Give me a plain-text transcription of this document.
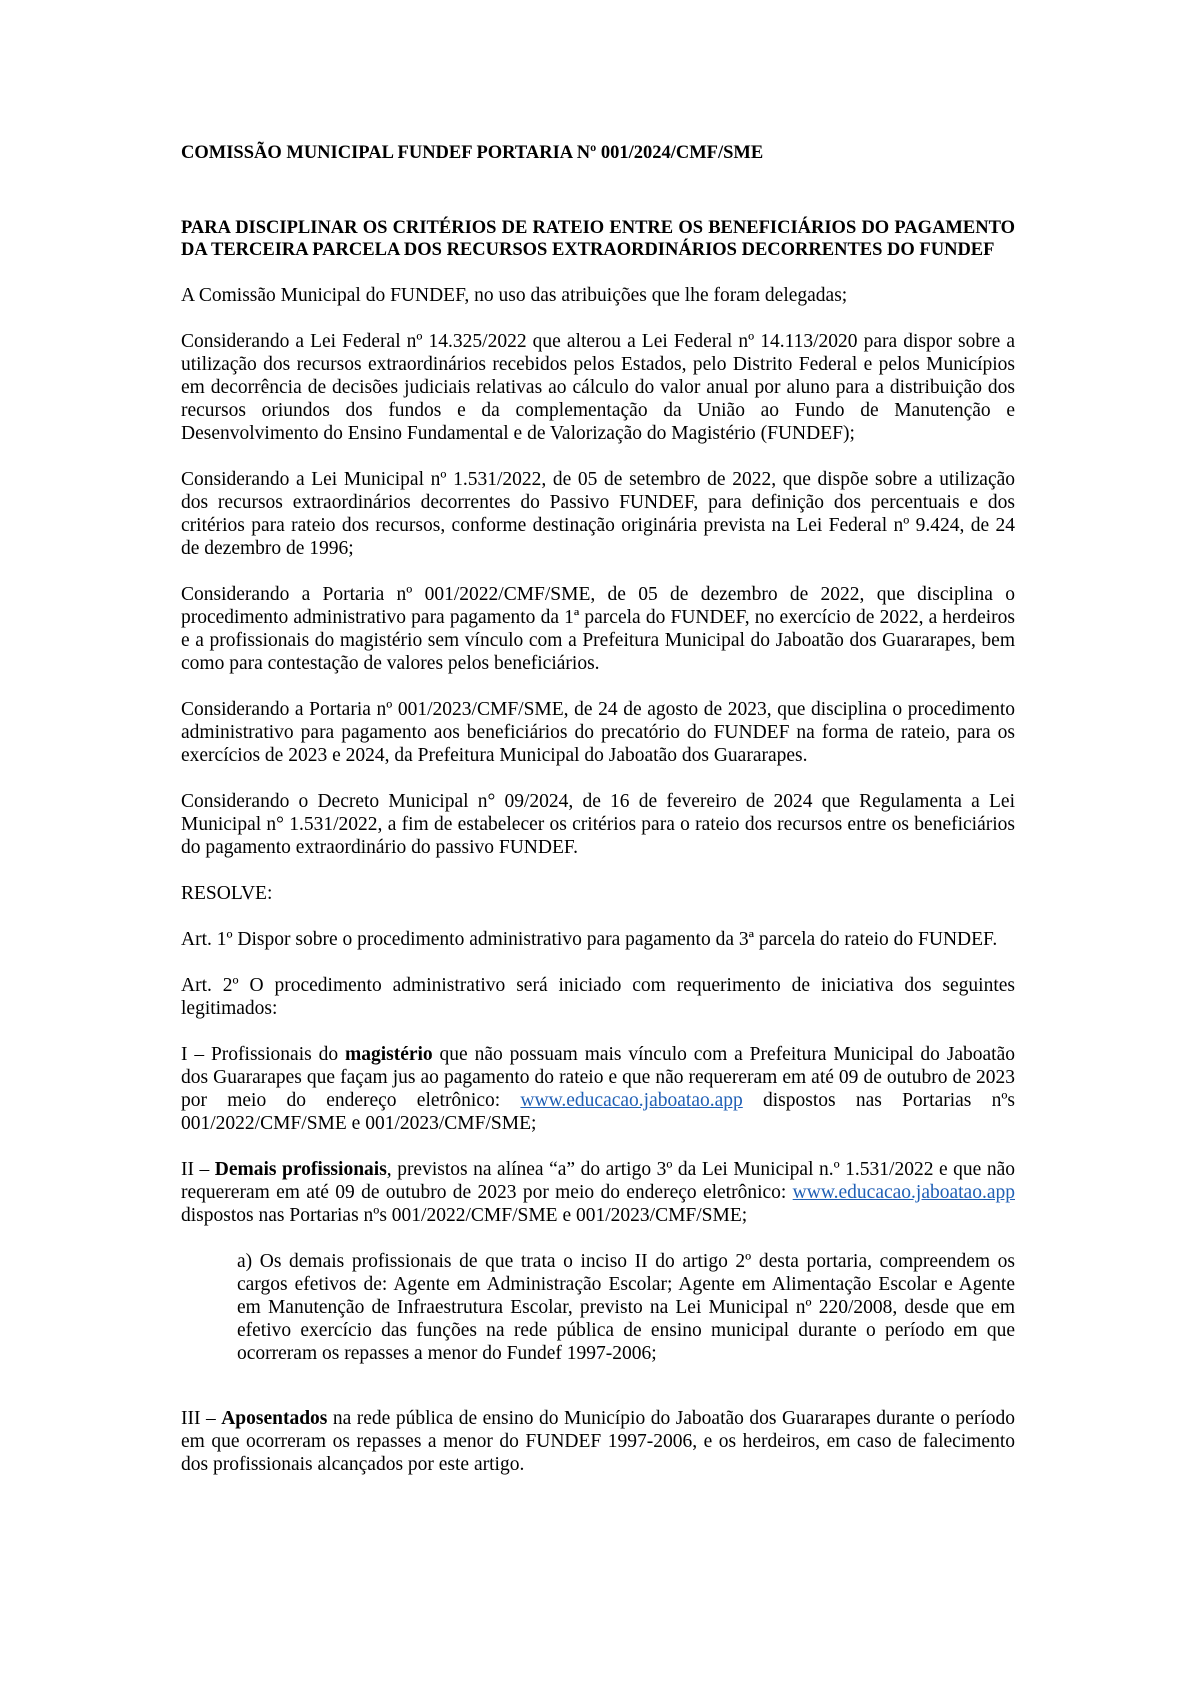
COMISSÃO MUNICIPAL FUNDEF PORTARIA Nº 001/2024/CMF/SME

PARA DISCIPLINAR OS CRITÉRIOS DE RATEIO ENTRE OS BENEFICIÁRIOS DO PAGAMENTO DA TERCEIRA PARCELA DOS RECURSOS EXTRAORDINÁRIOS DECORRENTES DO FUNDEF

A Comissão Municipal do FUNDEF, no uso das atribuições que lhe foram delegadas;

Considerando a Lei Federal nº 14.325/2022 que alterou a Lei Federal nº 14.113/2020 para dispor sobre a utilização dos recursos extraordinários recebidos pelos Estados, pelo Distrito Federal e pelos Municípios em decorrência de decisões judiciais relativas ao cálculo do valor anual por aluno para a distribuição dos recursos oriundos dos fundos e da complementação da União ao Fundo de Manutenção e Desenvolvimento do Ensino Fundamental e de Valorização do Magistério (FUNDEF);

Considerando a Lei Municipal nº 1.531/2022, de 05 de setembro de 2022, que dispõe sobre a utilização dos recursos extraordinários decorrentes do Passivo FUNDEF, para definição dos percentuais e dos critérios para rateio dos recursos, conforme destinação originária prevista na Lei Federal nº 9.424, de 24 de dezembro de 1996;

Considerando a Portaria nº 001/2022/CMF/SME, de 05 de dezembro de 2022, que disciplina o procedimento administrativo para pagamento da 1ª parcela do FUNDEF, no exercício de 2022, a herdeiros e a profissionais do magistério sem vínculo com a Prefeitura Municipal do Jaboatão dos Guararapes, bem como para contestação de valores pelos beneficiários.

Considerando a Portaria nº 001/2023/CMF/SME, de 24 de agosto de 2023, que disciplina o procedimento administrativo para pagamento aos beneficiários do precatório do FUNDEF na forma de rateio, para os exercícios de 2023 e 2024, da Prefeitura Municipal do Jaboatão dos Guararapes.

Considerando o Decreto Municipal n° 09/2024, de 16 de fevereiro de 2024 que Regulamenta a Lei Municipal n° 1.531/2022, a fim de estabelecer os critérios para o rateio dos recursos entre os beneficiários do pagamento extraordinário do passivo FUNDEF.

RESOLVE:

Art. 1º Dispor sobre o procedimento administrativo para pagamento da 3ª parcela do rateio do FUNDEF.

Art. 2º O procedimento administrativo será iniciado com requerimento de iniciativa dos seguintes legitimados:

I – Profissionais do magistério que não possuam mais vínculo com a Prefeitura Municipal do Jaboatão dos Guararapes que façam jus ao pagamento do rateio e que não requereram em até 09 de outubro de 2023 por meio do endereço eletrônico: www.educacao.jaboatao.app dispostos nas Portarias nºs 001/2022/CMF/SME e 001/2023/CMF/SME;

II – Demais profissionais, previstos na alínea “a” do artigo 3º da Lei Municipal n.º 1.531/2022 e que não requereram em até 09 de outubro de 2023 por meio do endereço eletrônico: www.educacao.jaboatao.app dispostos nas Portarias nºs 001/2022/CMF/SME e 001/2023/CMF/SME;

a) Os demais profissionais de que trata o inciso II do artigo 2º desta portaria, compreendem os cargos efetivos de: Agente em Administração Escolar; Agente em Alimentação Escolar e Agente em Manutenção de Infraestrutura Escolar, previsto na Lei Municipal nº 220/2008, desde que em efetivo exercício das funções na rede pública de ensino municipal durante o período em que ocorreram os repasses a menor do Fundef 1997-2006;

III – Aposentados na rede pública de ensino do Município do Jaboatão dos Guararapes durante o período em que ocorreram os repasses a menor do FUNDEF 1997-2006, e os herdeiros, em caso de falecimento dos profissionais alcançados por este artigo.
